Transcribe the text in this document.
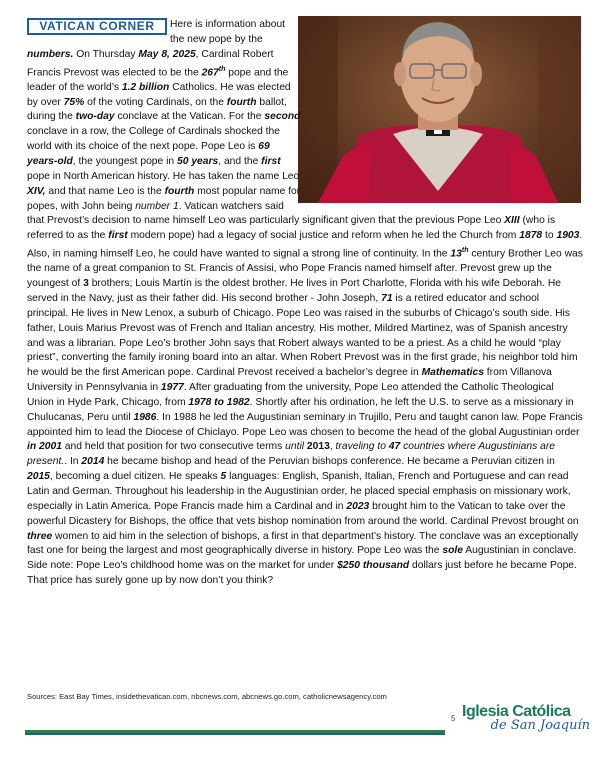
VATICAN CORNER	Here is information about the new pope by the numbers. On Thursday May 8, 2025, Cardinal Robert Francis Prevost was elected to be the 267th pope and the leader of the world’s 1.2 billion Catholics. He was elected by over 75% of the voting Cardinals, on the fourth ballot, during the two-day conclave at the Vatican. For the second conclave in a row, the College of Cardinals shocked the world with its choice of the next pope. Pope Leo is 69 years-old, the youngest pope in 50 years, and the first pope in North American history. He has taken the name Leo XIV, and that name Leo is the fourth most popular name for popes, with John being number 1. Vatican watchers said that Prevost’s decision to name himself Leo was particularly significant given that the previous Pope Leo XIII (who is referred to as the first modern pope) had a legacy of social justice and reform when he led the Church from 1878 to 1903. Also, in naming himself Leo, he could have wanted to signal a strong line of continuity. In the 13th century Brother Leo was the name of a great companion to St. Francis of Assisi, who Pope Francis named himself after. Prevost grew up the youngest of 3 brothers; Louis Martín is the oldest brother. He lives in Port Charlotte, Florida with his wife Deborah. He served in the Navy, just as their father did. His second brother - John Joseph, 71 is a retired educator and school principal. He lives in New Lenox, a suburb of Chicago. Pope Leo was raised in the suburbs of Chicago’s south side. His father, Louis Marius Prevost was of French and Italian ancestry. His mother, Mildred Martinez, was of Spanish ancestry and was a librarian. Pope Leo’s brother John says that Robert always wanted to be a priest. As a child he would “play priest”, converting the family ironing board into an altar. When Robert Prevost was in the first grade, his neighbor told him he would be the first American pope. Cardinal Prevost received a bachelor’s degree in Mathematics from Villanova University in Pennsylvania in 1977. After graduating from the university, Pope Leo attended the Catholic Theological Union in Hyde Park, Chicago, from 1978 to 1982. Shortly after his ordination, he left the U.S. to serve as a missionary in Chulucanas, Peru until 1986. In 1988 he led the Augustinian seminary in Trujillo, Peru and taught canon law. Pope Francis appointed him to lead the Diocese of Chiclayo. Pope Leo was chosen to become the head of the global Augustinian order in 2001 and held that position for two consecutive terms until 2013, traveling to 47 countries where Augustinians are present.. In 2014 he became bishop and head of the Peruvian bishops conference. He became a Peruvian citizen in 2015, becoming a duel citizen. He speaks 5 languages: English, Spanish, Italian, French and Portuguese and can read Latin and German. Throughout his leadership in the Augustinian order, he placed special emphasis on missionary work, especially in Latin America. Pope Francis made him a Cardinal and in 2023 brought him to the Vatican to take over the powerful Dicastery for Bishops, the office that vets bishop nomination from around the world. Cardinal Prevost brought on three women to aid him in the selection of bishops, a first in that department’s history. The conclave was an exceptionally fast one for being the largest and most geographically diverse in history. Pope Leo was the sole Augustinian in conclave.

Side note: Pope Leo’s childhood home was on the market for under $250 thousand dollars just before he became Pope. That price has surely gone up by now don’t you think?

Sources: East Bay Times, insidethevatican.com, nbcnews.com, abcnews.go.com, catholicnewsagency.com
5 Iglesia Católica
de San Joaquín
